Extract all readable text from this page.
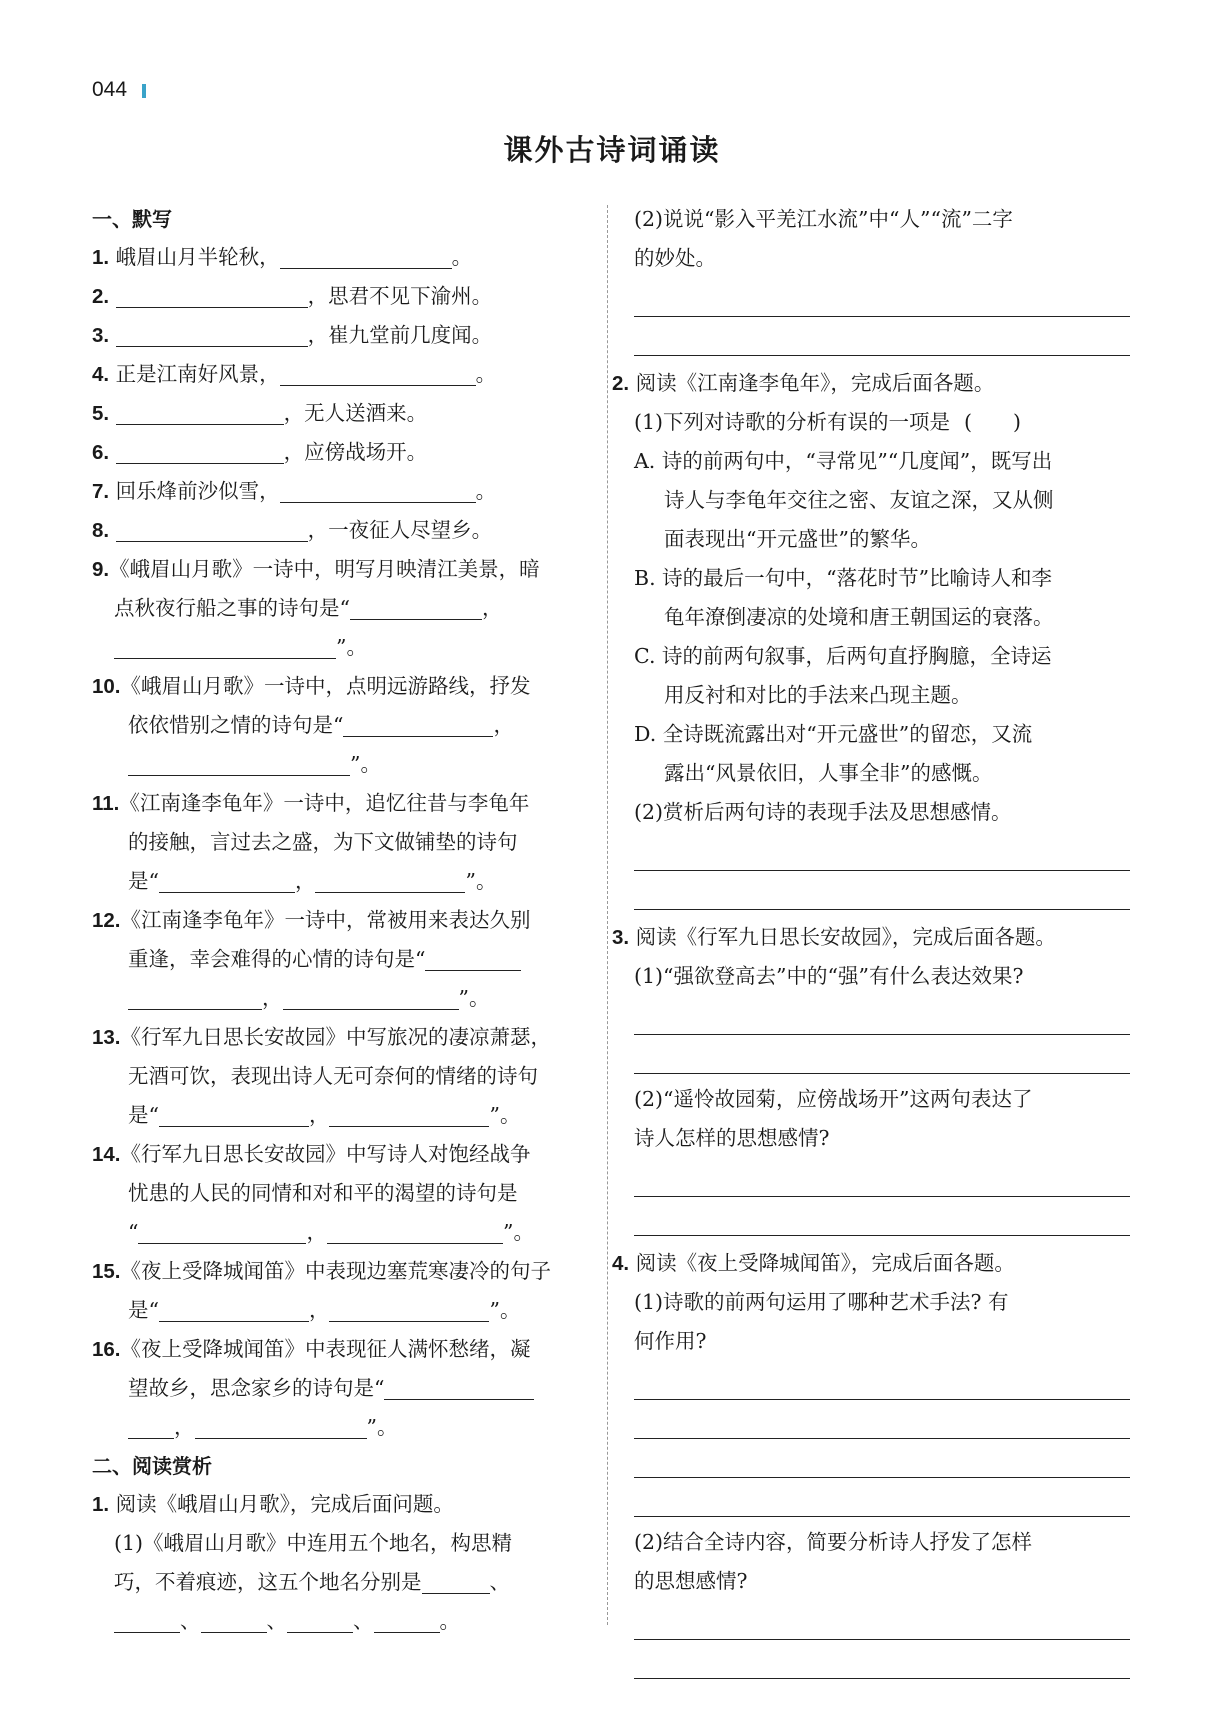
044
课外古诗词诵读
一、默写
1. 峨眉山月半轮秋，	。
2.	，思君不见下渝州。
3.	，崔九堂前几度闻。
4. 正是江南好风景，	。
5.	，无人送酒来。
6.	，应傍战场开。
7. 回乐烽前沙似雪，	。
8.	，一夜征人尽望乡。
9.《峨眉山月歌》一诗中，明写月映清江美景，暗
点秋夜行船之事的诗句是“	，
”。
10.《峨眉山月歌》一诗中，点明远游路线，抒发
依依惜别之情的诗句是“	，
”。
11.《江南逢李龟年》一诗中，追忆往昔与李龟年
的接触，言过去之盛，为下文做铺垫的诗句
是“	，	”。
12.《江南逢李龟年》一诗中，常被用来表达久别
重逢，幸会难得的心情的诗句是“
，	”。
13.《行军九日思长安故园》中写旅况的凄凉萧瑟，
无酒可饮，表现出诗人无可奈何的情绪的诗句
是“	，	”。
14.《行军九日思长安故园》中写诗人对饱经战争
忧患的人民的同情和对和平的渴望的诗句是
“	，	”。
15.《夜上受降城闻笛》中表现边塞荒寒凄冷的句子
是“	，	”。
16.《夜上受降城闻笛》中表现征人满怀愁绪，凝
望故乡，思念家乡的诗句是“
，	”。
二、阅读赏析
1. 阅读《峨眉山月歌》，完成后面问题。
(1)《峨眉山月歌》中连用五个地名，构思精
巧，不着痕迹，这五个地名分别是	、
、	、	、	。
(2)说说“影入平羌江水流”中“人”“流”二字
的妙处。
2. 阅读《江南逢李龟年》，完成后面各题。
(1)下列对诗歌的分析有误的一项是 (　　)
A. 诗的前两句中，“寻常见”“几度闻”，既写出
诗人与李龟年交往之密、友谊之深，又从侧
面表现出“开元盛世”的繁华。
B. 诗的最后一句中，“落花时节”比喻诗人和李
龟年潦倒凄凉的处境和唐王朝国运的衰落。
C. 诗的前两句叙事，后两句直抒胸臆，全诗运
用反衬和对比的手法来凸现主题。
D. 全诗既流露出对“开元盛世”的留恋，又流
露出“风景依旧，人事全非”的感慨。
(2)赏析后两句诗的表现手法及思想感情。
3. 阅读《行军九日思长安故园》，完成后面各题。
(1)“强欲登高去”中的“强”有什么表达效果?
(2)“遥怜故园菊，应傍战场开”这两句表达了
诗人怎样的思想感情?
4. 阅读《夜上受降城闻笛》，完成后面各题。
(1)诗歌的前两句运用了哪种艺术手法? 有
何作用?
(2)结合全诗内容，简要分析诗人抒发了怎样
的思想感情?
